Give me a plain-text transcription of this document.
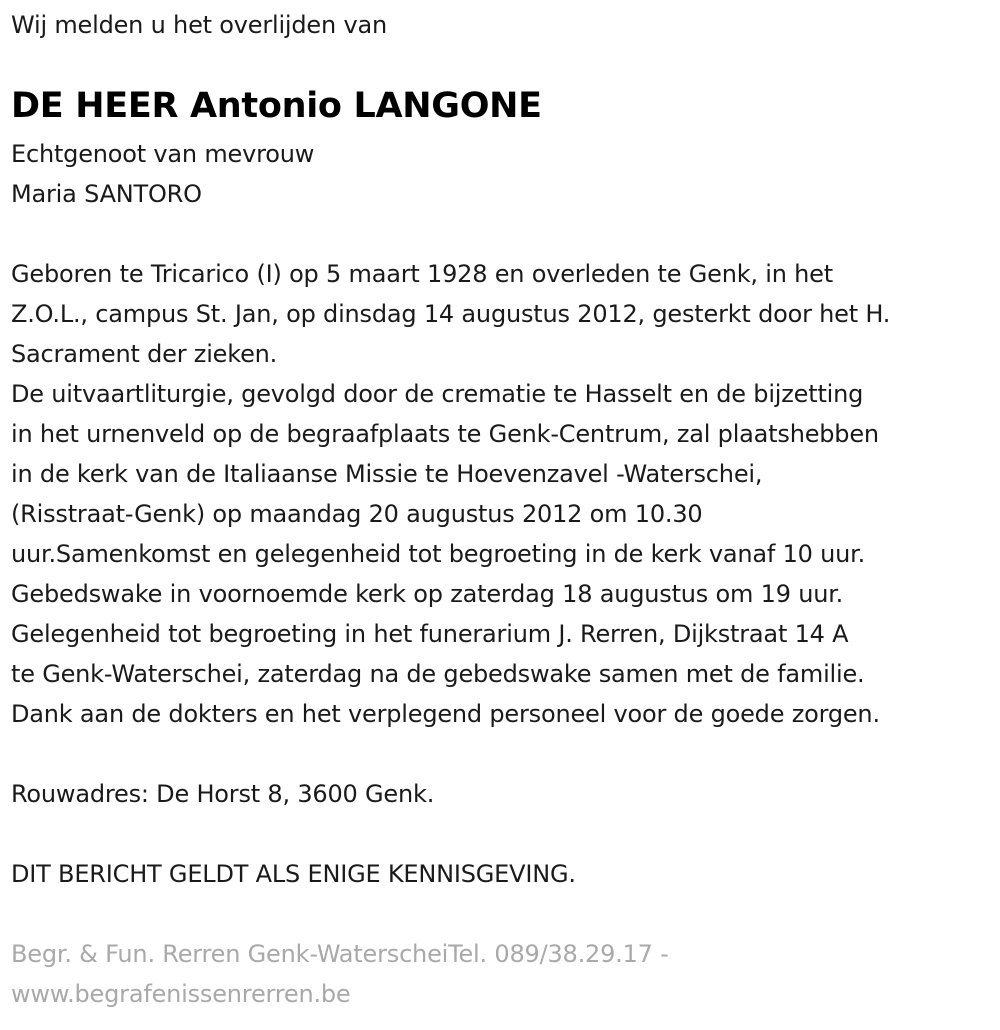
Wij melden u het overlijden van
DE HEER Antonio LANGONE
Echtgenoot van mevrouw
Maria SANTORO
Geboren te Tricarico (I) op 5 maart 1928 en overleden te Genk, in het
Z.O.L., campus St. Jan, op dinsdag 14 augustus 2012, gesterkt door het H.
Sacrament der zieken.
De uitvaartliturgie, gevolgd door de crematie te Hasselt en de bijzetting
in het urnenveld op de begraafplaats te Genk-Centrum, zal plaatshebben
in de kerk van de Italiaanse Missie te Hoevenzavel -Waterschei,
(Risstraat-Genk) op maandag 20 augustus 2012 om 10.30
uur.Samenkomst en gelegenheid tot begroeting in de kerk vanaf 10 uur.
Gebedswake in voornoemde kerk op zaterdag 18 augustus om 19 uur.
Gelegenheid tot begroeting in het funerarium J. Rerren, Dijkstraat 14 A
te Genk-Waterschei, zaterdag na de gebedswake samen met de familie.
Dank aan de dokters en het verplegend personeel voor de goede zorgen.
Rouwadres: De Horst 8, 3600 Genk.
DIT BERICHT GELDT ALS ENIGE KENNISGEVING.
Begr. & Fun. Rerren Genk-WaterscheiTel. 089/38.29.17 -
www.begrafenissenrerren.be
